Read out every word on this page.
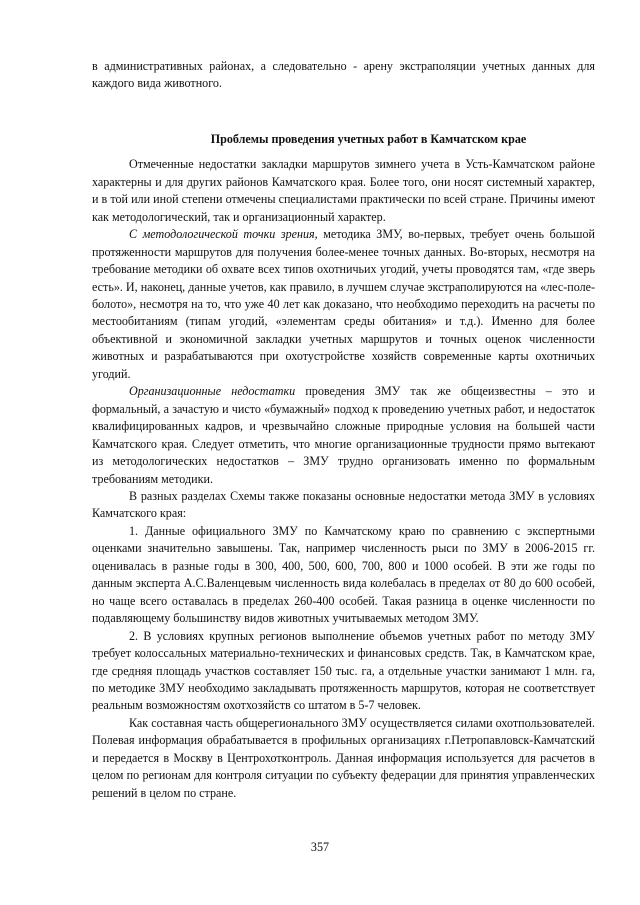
в административных районах, а следовательно - арену экстраполяции учетных данных для каждого вида животного.

Проблемы проведения учетных работ в Камчатском крае

Отмеченные недостатки закладки маршрутов зимнего учета в Усть-Камчатском районе характерны и для других районов Камчатского края. Более того, они носят системный характер, и в той или иной степени отмечены специалистами практически по всей стране. Причины имеют как методологический, так и организационный характер.

С методологической точки зрения, методика ЗМУ, во-первых, требует очень большой протяженности маршрутов для получения более-менее точных данных. Во-вторых, несмотря на требование методики об охвате всех типов охотничьих угодий, учеты проводятся там, «где зверь есть». И, наконец, данные учетов, как правило, в лучшем случае экстраполируются на «лес-поле-болото», несмотря на то, что уже 40 лет как доказано, что необходимо переходить на расчеты по местообитаниям (типам угодий, «элементам среды обитания» и т.д.). Именно для более объективной и экономичной закладки учетных маршрутов и точных оценок численности животных и разрабатываются при охотустройстве хозяйств современные карты охотничьих угодий.

Организационные недостатки проведения ЗМУ так же общеизвестны – это и формальный, а зачастую и чисто «бумажный» подход к проведению учетных работ, и недостаток квалифицированных кадров, и чрезвычайно сложные природные условия на большей части Камчатского края. Следует отметить, что многие организационные трудности прямо вытекают из методологических недостатков – ЗМУ трудно организовать именно по формальным требованиям методики.

В разных разделах Схемы также показаны основные недостатки метода ЗМУ в условиях Камчатского края:

1. Данные официального ЗМУ по Камчатскому краю по сравнению с экспертными оценками значительно завышены. Так, например численность рыси по ЗМУ в 2006-2015 гг. оценивалась в разные годы в 300, 400, 500, 600, 700, 800 и 1000 особей. В эти же годы по данным эксперта А.С.Валенцевым численность вида колебалась в пределах от 80 до 600 особей, но чаще всего оставалась в пределах 260-400 особей. Такая разница в оценке численности по подавляющему большинству видов животных учитываемых методом ЗМУ.

2. В условиях крупных регионов выполнение объемов учетных работ по методу ЗМУ требует колоссальных материально-технических и финансовых средств. Так, в Камчатском крае, где средняя площадь участков составляет 150 тыс. га, а отдельные участки занимают 1 млн. га, по методике ЗМУ необходимо закладывать протяженность маршрутов, которая не соответствует реальным возможностям охотхозяйств со штатом в 5-7 человек.

Как составная часть общерегионального ЗМУ осуществляется силами охотпользователей. Полевая информация обрабатывается в профильных организациях г.Петропавловск-Камчатский и передается в Москву в Центрохотконтроль. Данная информация используется для расчетов в целом по регионам для контроля ситуации по субъекту федерации для принятия управленческих решений в целом по стране.

357
